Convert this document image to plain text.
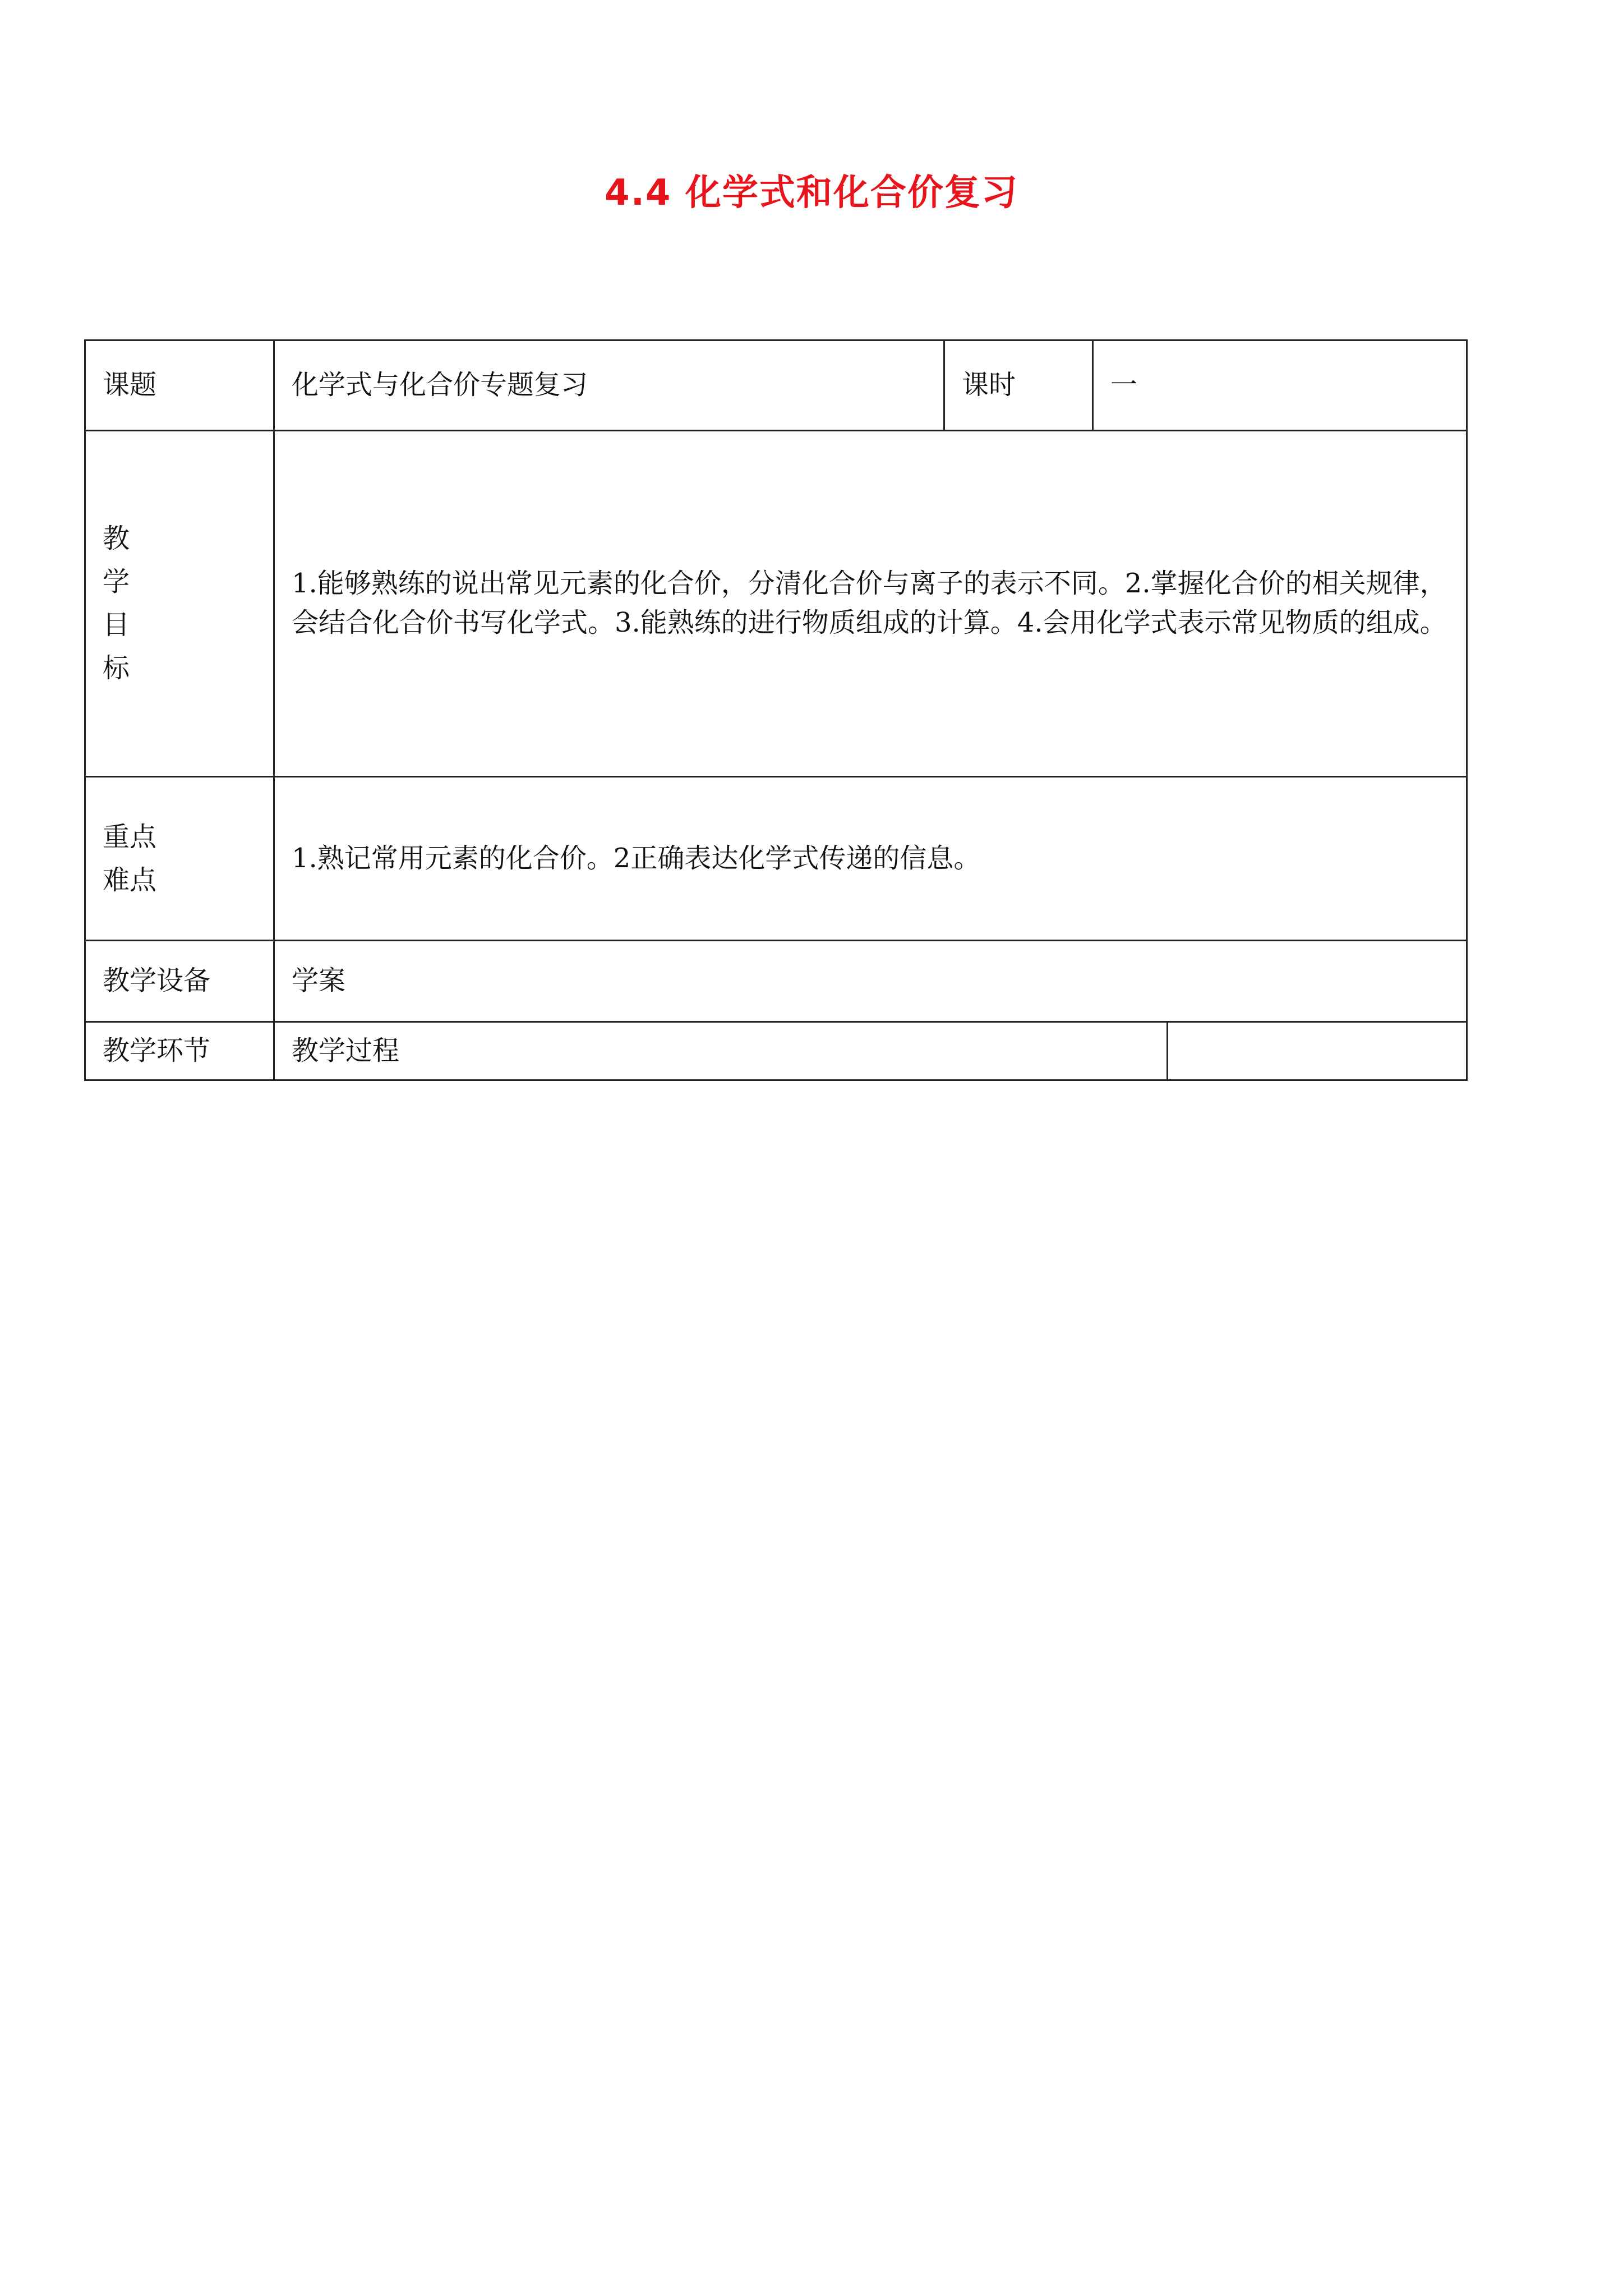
4.4 化学式和化合价复习
课题	化学式与化合价专题复习	课时	一	

教
学
目
标	1.能够熟练的说出常见元素的化合价，分清化合价与离子的表示不同。2.掌握化合价的相关规律，会结合化合价书写化学式。3.能熟练的进行物质组成的计算。4.会用化学式表示常见物质的组成。			

重点
难点	1.熟记常用元素的化合价。2正确表达化学式传递的信息。			
教学设备	学案			
教学环节	教学过程			
